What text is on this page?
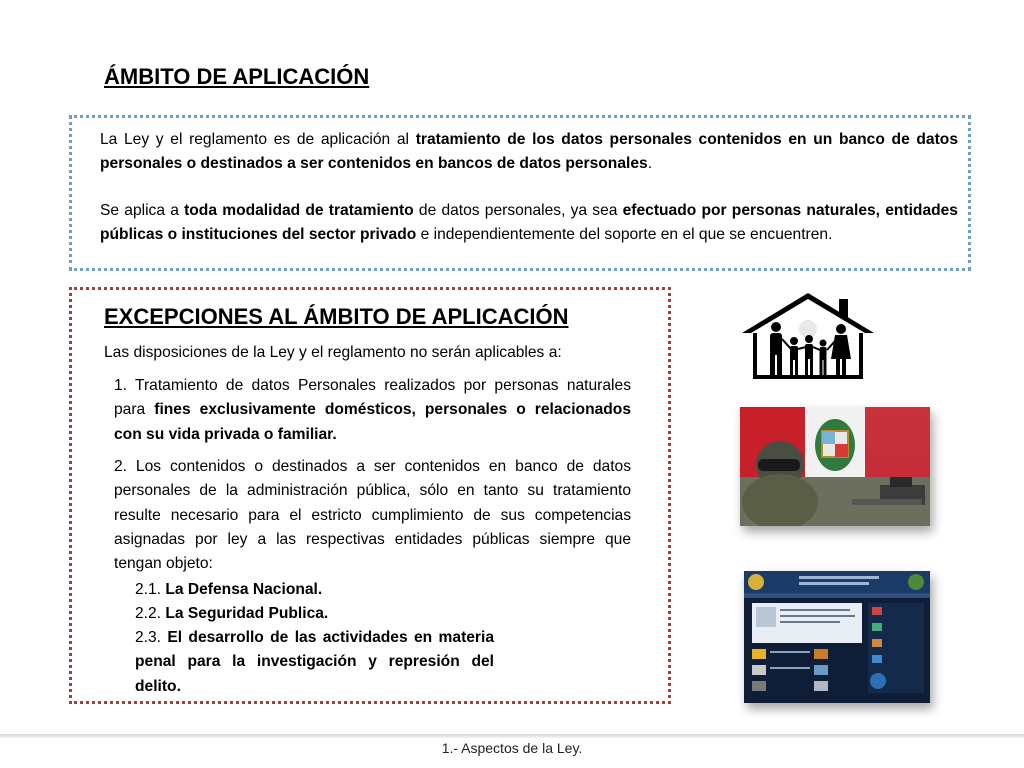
ÁMBITO DE APLICACIÓN

La Ley y el reglamento es de aplicación al tratamiento de los datos personales contenidos en un banco de datos personales o destinados a ser contenidos en bancos de datos personales.

Se aplica a toda modalidad de tratamiento de datos personales, ya sea efectuado por personas naturales, entidades públicas o instituciones del sector privado e independientemente del soporte en el que se encuentren.

EXCEPCIONES AL ÁMBITO DE APLICACIÓN

Las disposiciones de la Ley y el reglamento no serán aplicables a:

1. Tratamiento de datos Personales realizados por personas naturales para fines exclusivamente domésticos, personales o relacionados con su vida privada o familiar.

2. Los contenidos o destinados a ser contenidos en banco de datos personales de la administración pública, sólo en tanto su tratamiento resulte necesario para el estricto cumplimiento de sus competencias asignadas por ley a las respectivas entidades públicas siempre que tengan objeto:

2.1. La Defensa Nacional.
2.2. La Seguridad Publica.
2.3. El desarrollo de las actividades en materia penal para la investigación y represión del delito.
1.- Aspectos de la Ley.
